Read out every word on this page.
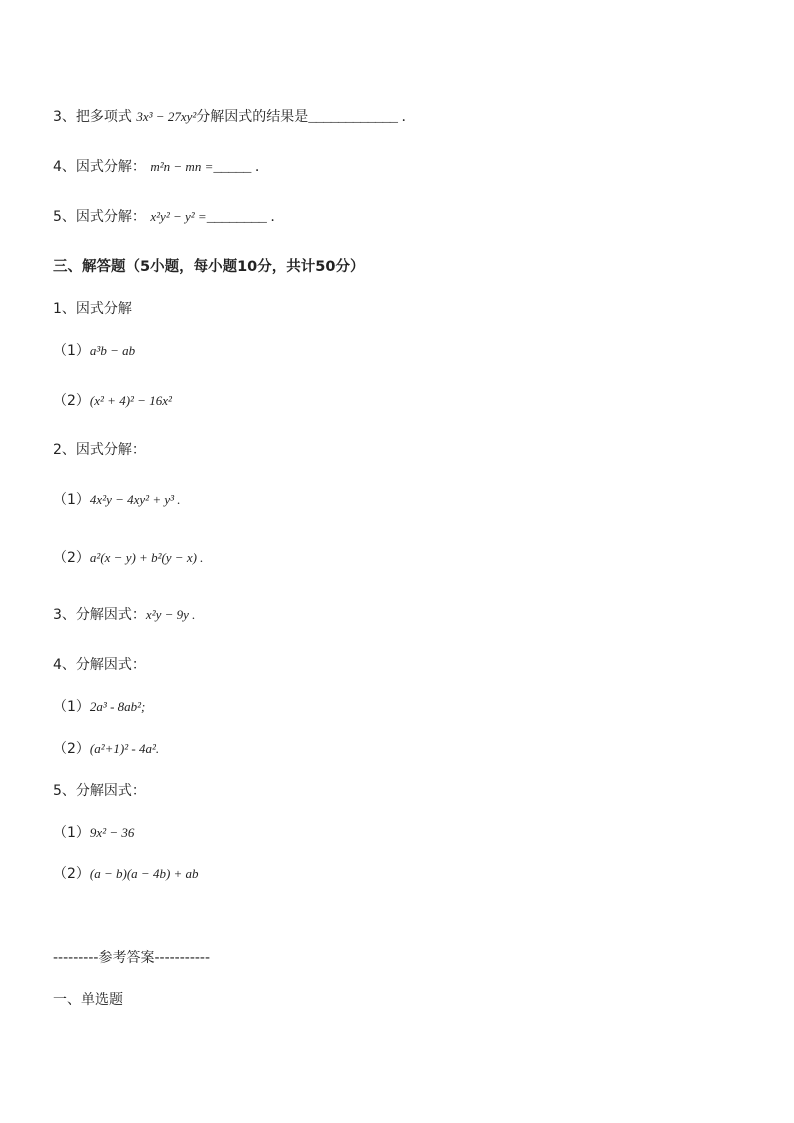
3、把多项式 3x³ − 27xy²分解因式的结果是____________ .
4、因式分解： m²n − mn =_____ .
5、因式分解： x²y² − y² =________ .
三、解答题（5小题，每小题10分，共计50分）
1、因式分解
（1）a³b − ab
（2）(x² + 4)² − 16x²
2、因式分解：
（1）4x²y − 4xy² + y³ .
（2）a²(x − y) + b²(y − x) .
3、分解因式：x²y − 9y .
4、分解因式：
（1）2a³ - 8ab²;
（2）(a²+1)² - 4a².
5、分解因式：
（1）9x² − 36
（2）(a − b)(a − 4b) + ab
---------参考答案-----------
一、单选题
